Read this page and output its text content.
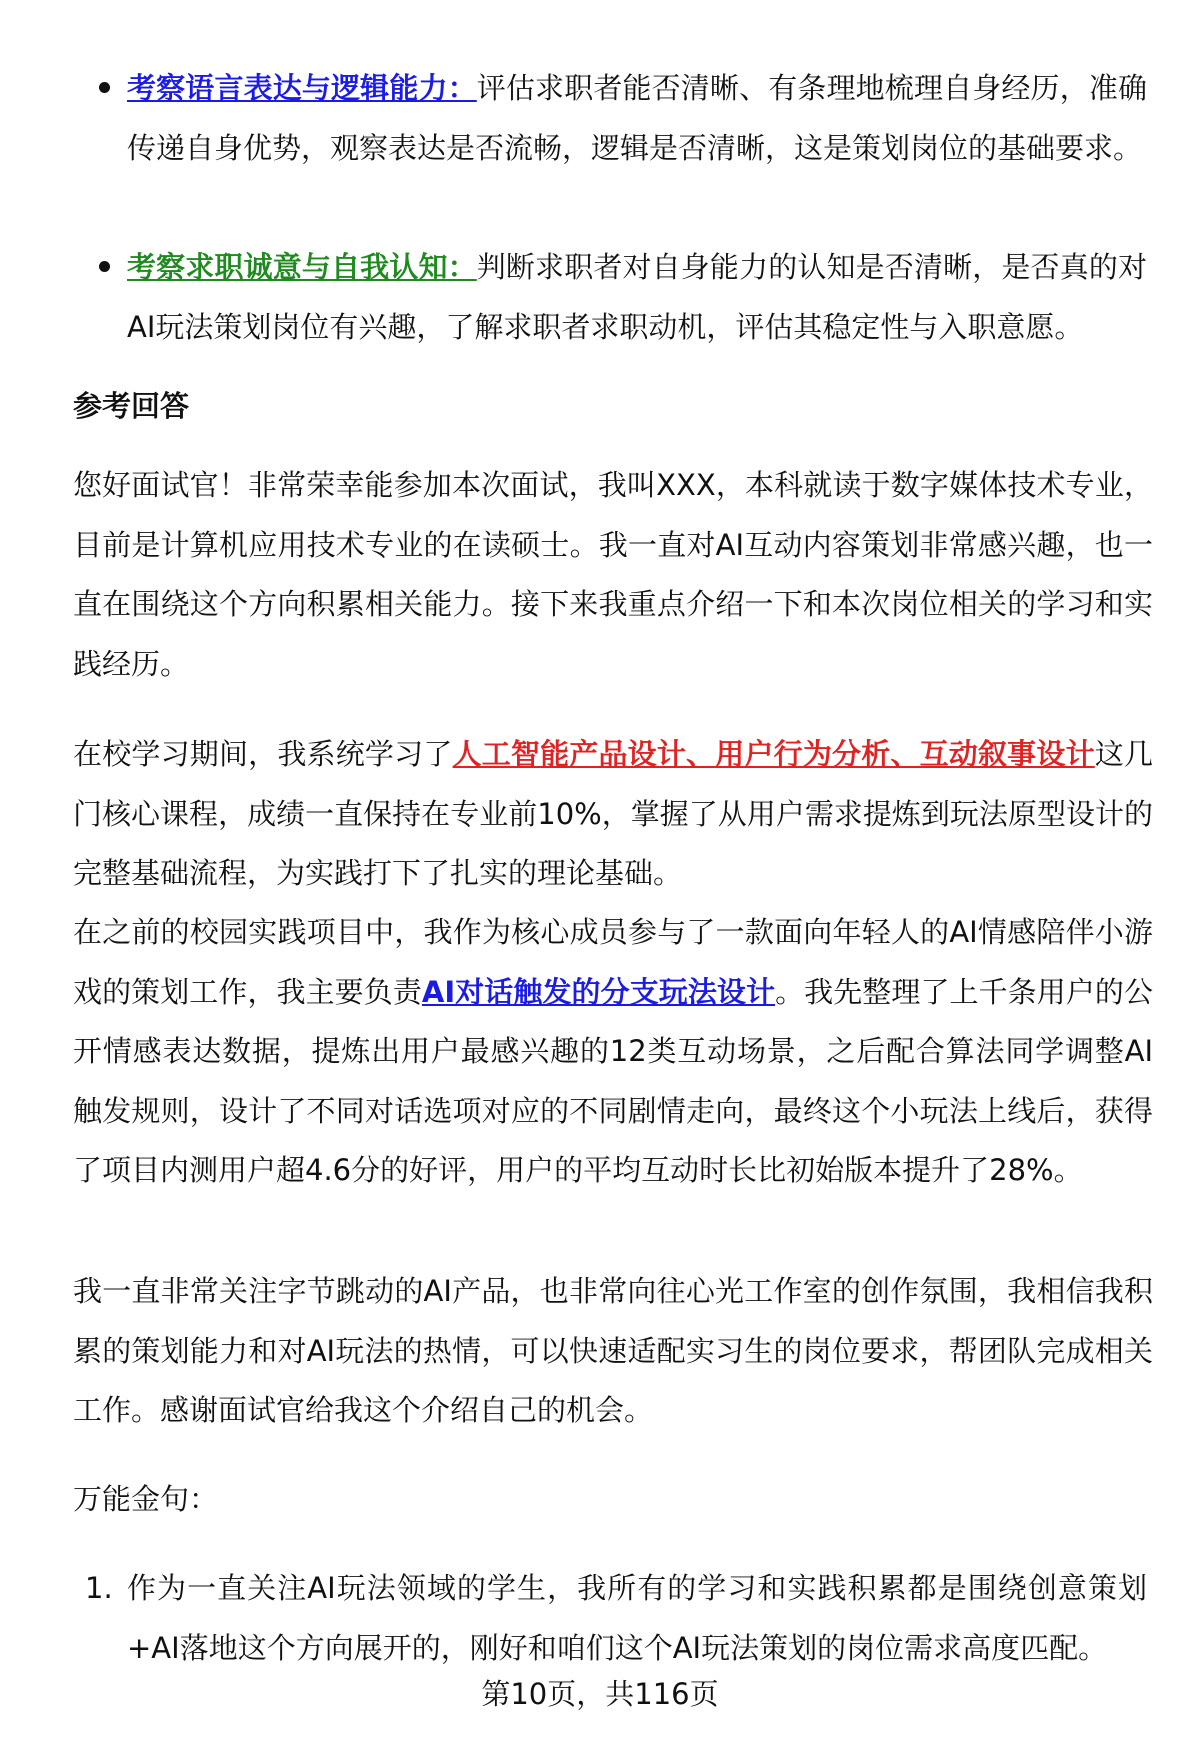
考察语言表达与逻辑能力：评估求职者能否清晰、有条理地梳理自身经历，准确传递自身优势，观察表达是否流畅，逻辑是否清晰，这是策划岗位的基础要求。
考察求职诚意与自我认知：判断求职者对自身能力的认知是否清晰，是否真的对AI玩法策划岗位有兴趣，了解求职者求职动机，评估其稳定性与入职意愿。
参考回答
您好面试官！非常荣幸能参加本次面试，我叫XXX，本科就读于数字媒体技术专业，目前是计算机应用技术专业的在读硕士。我一直对AI互动内容策划非常感兴趣，也一直在围绕这个方向积累相关能力。接下来我重点介绍一下和本次岗位相关的学习和实践经历。
在校学习期间，我系统学习了人工智能产品设计、用户行为分析、互动叙事设计这几门核心课程，成绩一直保持在专业前10%，掌握了从用户需求提炼到玩法原型设计的完整基础流程，为实践打下了扎实的理论基础。
在之前的校园实践项目中，我作为核心成员参与了一款面向年轻人的AI情感陪伴小游戏的策划工作，我主要负责AI对话触发的分支玩法设计。我先整理了上千条用户的公开情感表达数据，提炼出用户最感兴趣的12类互动场景，之后配合算法同学调整AI触发规则，设计了不同对话选项对应的不同剧情走向，最终这个小玩法上线后，获得了项目内测用户超4.6分的好评，用户的平均互动时长比初始版本提升了28%。
我一直非常关注字节跳动的AI产品，也非常向往心光工作室的创作氛围，我相信我积累的策划能力和对AI玩法的热情，可以快速适配实习生的岗位要求，帮团队完成相关工作。感谢面试官给我这个介绍自己的机会。
万能金句：
1. 作为一直关注AI玩法领域的学生，我所有的学习和实践积累都是围绕创意策划+AI落地这个方向展开的，刚好和咱们这个AI玩法策划的岗位需求高度匹配。
第10页，共116页
